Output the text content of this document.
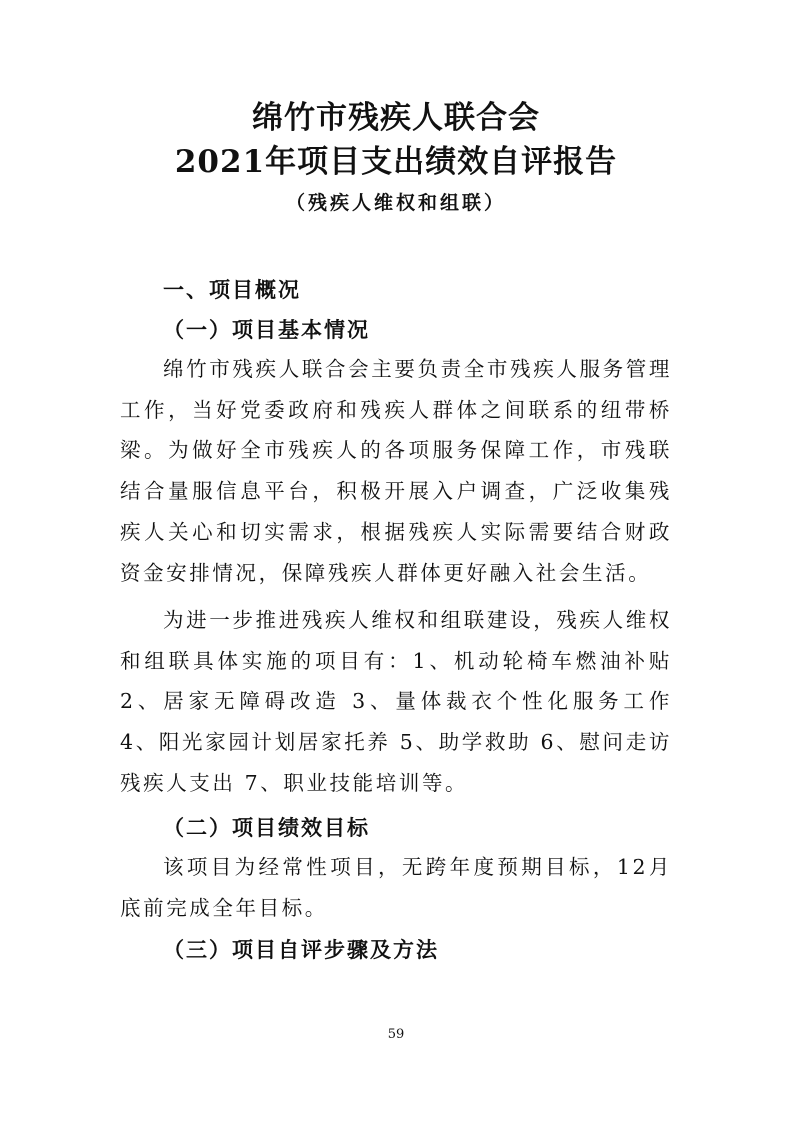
绵竹市残疾人联合会
2021年项目支出绩效自评报告

（残疾人维权和组联）

一、项目概况
（一）项目基本情况

绵竹市残疾人联合会主要负责全市残疾人服务管理工作，当好党委政府和残疾人群体之间联系的纽带桥梁。为做好全市残疾人的各项服务保障工作，市残联结合量服信息平台，积极开展入户调查，广泛收集残疾人关心和切实需求，根据残疾人实际需要结合财政资金安排情况，保障残疾人群体更好融入社会生活。

为进一步推进残疾人维权和组联建设，残疾人维权和组联具体实施的项目有：1、机动轮椅车燃油补贴　2、居家无障碍改造 3、量体裁衣个性化服务工作　4、阳光家园计划居家托养 5、助学救助 6、慰问走访残疾人支出 7、职业技能培训等。

（二）项目绩效目标

该项目为经常性项目，无跨年度预期目标，12月底前完成全年目标。

（三）项目自评步骤及方法

59
